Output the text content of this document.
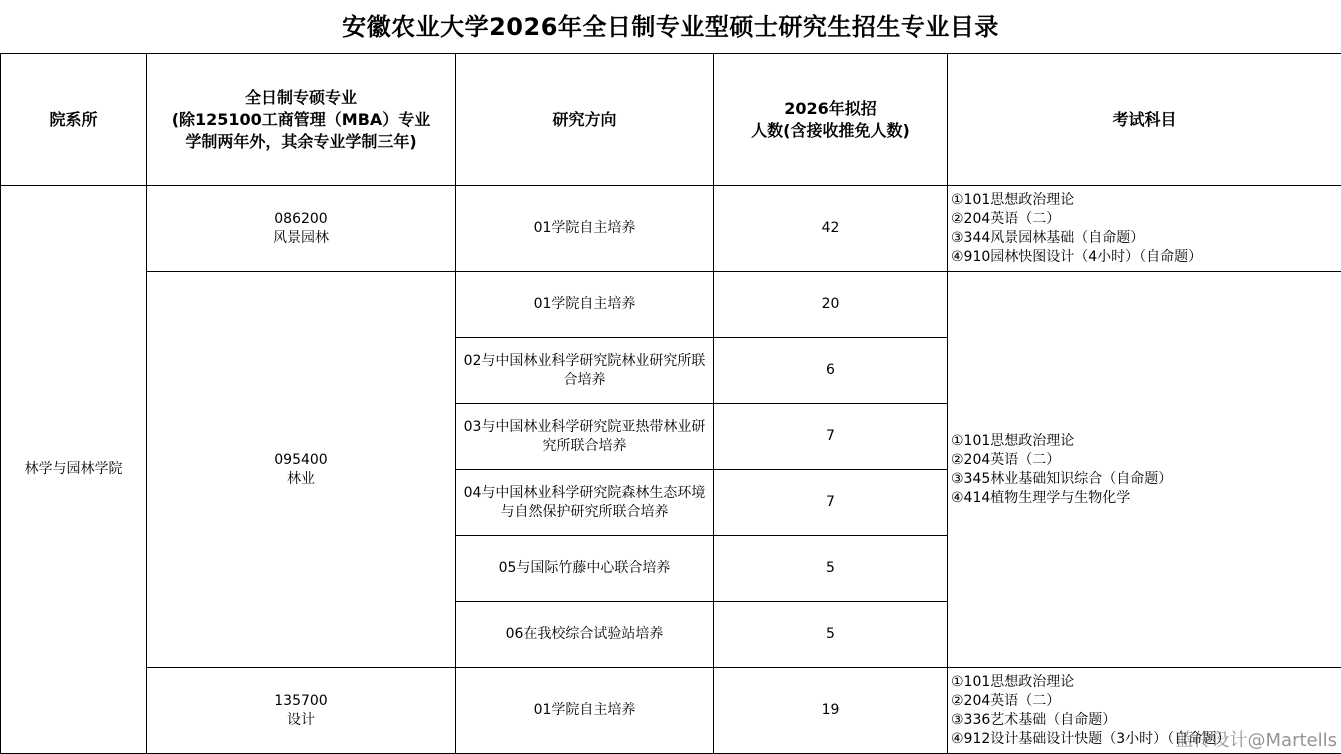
安徽农业大学2026年全日制专业型硕士研究生招生专业目录
院系所	全日制专硕专业
(除125100工商管理（MBA）专业
学制两年外，其余专业学制三年)	研究方向	2026年拟招
人数(含接收推免人数)	考试科目
林学与园林学院	086200
风景园林	01学院自主培养	42	①101思想政治理论
②204英语（二）
③344风景园林基础（自命题）
④910园林快图设计（4小时）（自命题）

	095400
林业	01学院自主培养	20	①101思想政治理论
②204英语（二）
③345林业基础知识综合（自命题）
④414植物生理学与生物化学

		02与中国林业科学研究院林业研究所联合培养	6	
		03与中国林业科学研究院亚热带林业研究所联合培养	7	
		04与中国林业科学研究院森林生态环境与自然保护研究所联合培养	7	
		05与国际竹藤中心联合培养	5	
		06在我校综合试验站培养	5	

	135700
设计	01学院自主培养	19	①101思想政治理论
②204英语（二）
③336艺术基础（自命题）
④912设计基础设计快题（3小时）（自命题）
蓝伶设计@Martells
